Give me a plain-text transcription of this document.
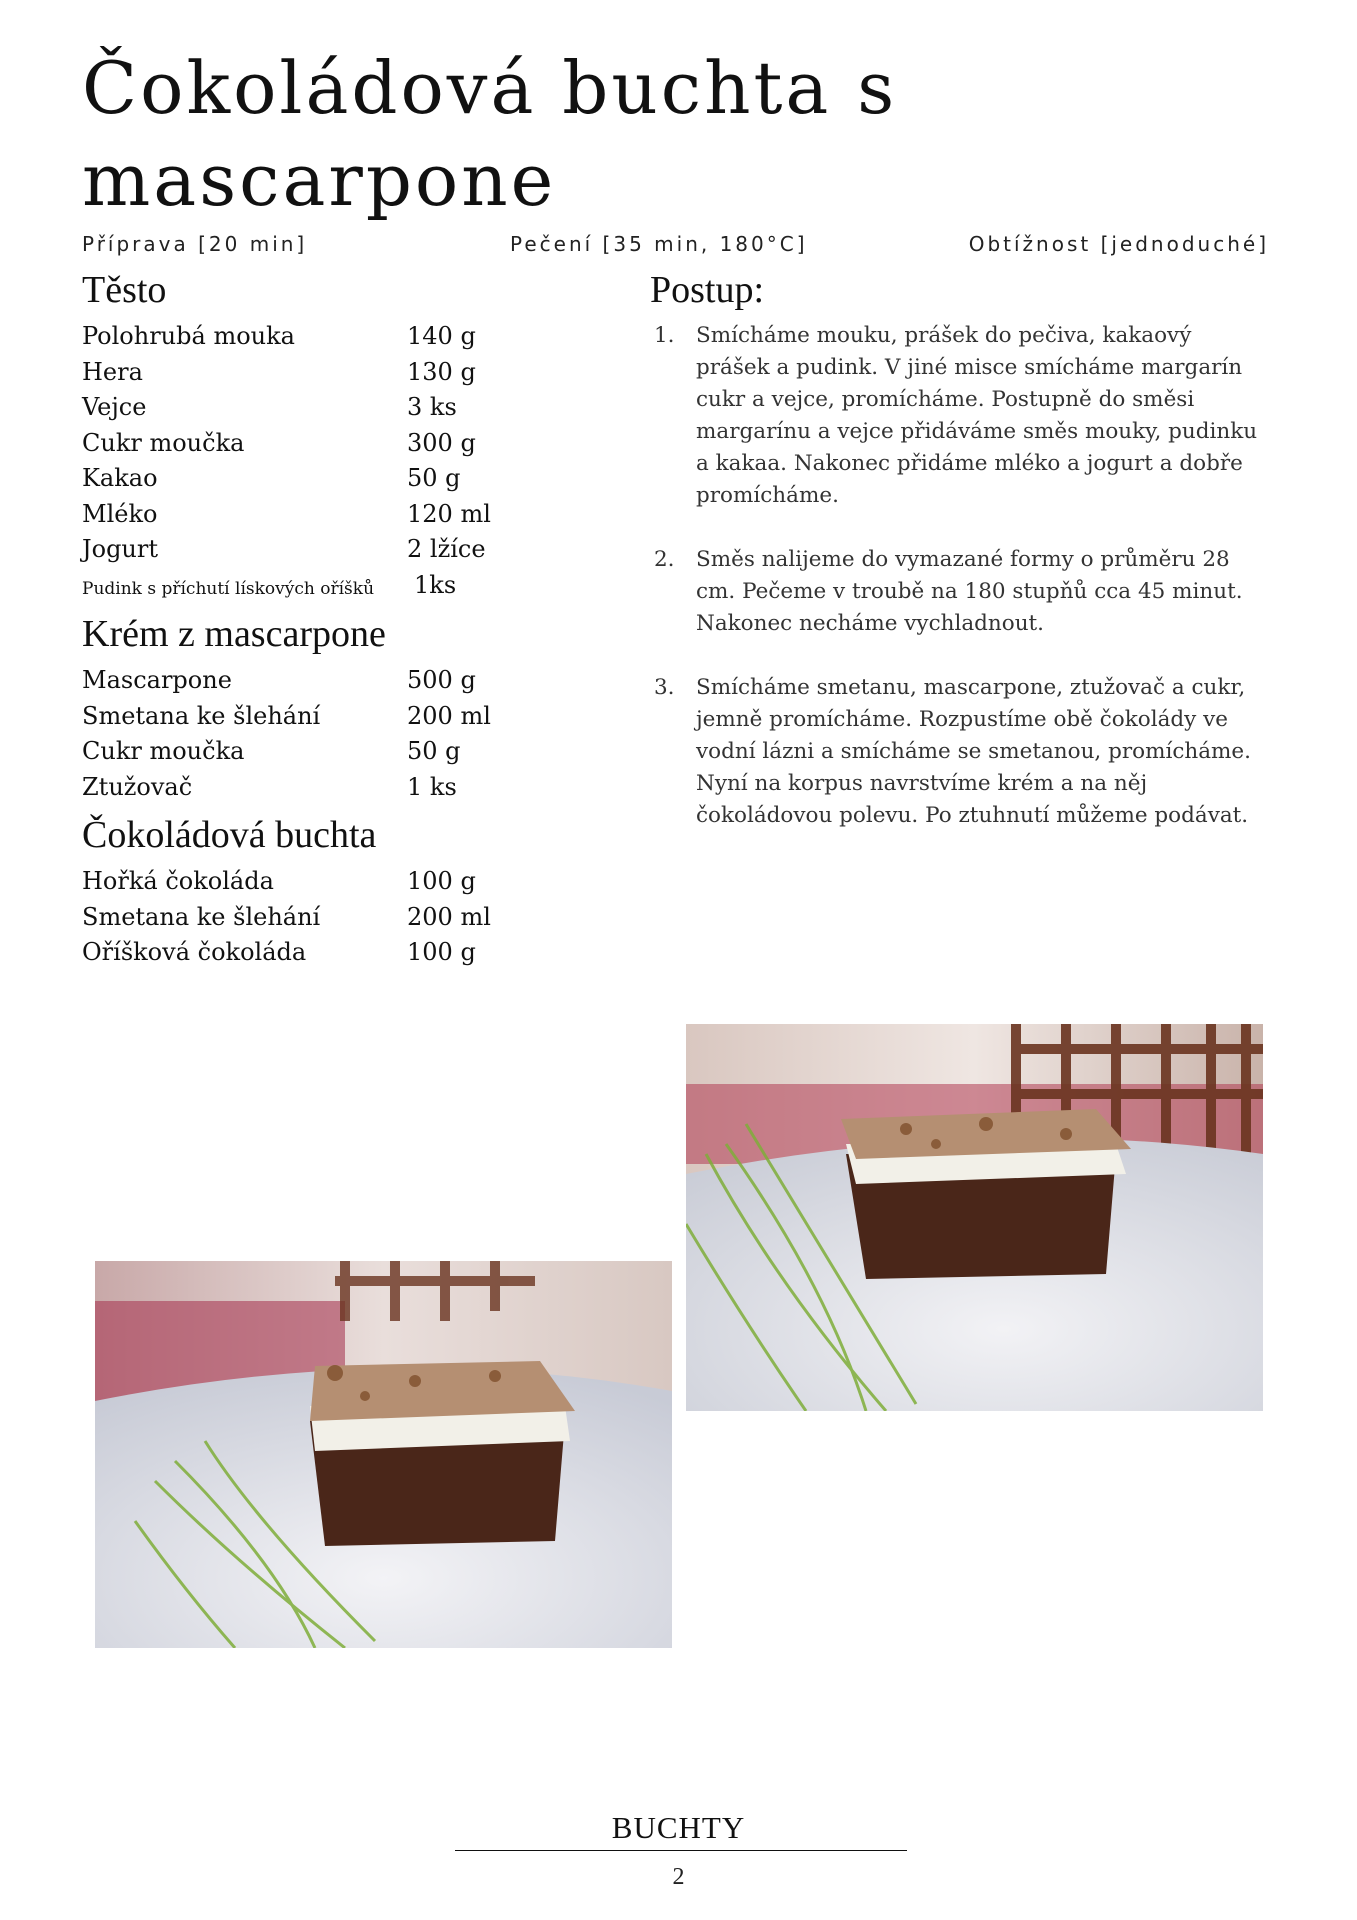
Čokoládová buchta s
mascarpone
Příprava [20 min]	Pečení [35 min, 180°C]	Obtížnost [jednoduché]
Těsto
Polohrubá mouka	140 g
Hera	130 g
Vejce	3 ks
Cukr moučka	300 g
Kakao	50 g
Mléko	120 ml
Jogurt	2 lžíce
Pudink s příchutí lískových oříšků 1ks
Krém z mascarpone
Mascarpone	500 g
Smetana ke šlehání	200 ml
Cukr moučka	50 g
Ztužovač	1 ks
Čokoládová buchta
Hořká čokoláda	100 g
Smetana ke šlehání	200 ml
Oříšková čokoláda	100 g
Postup:
1. Smícháme mouku, prášek do pečiva, kakaový prášek a pudink. V jiné misce smícháme margarín cukr a vejce, promícháme. Postupně do směsi margarínu a vejce přidáváme směs mouky, pudinku a kakaa. Nakonec přidáme mléko a jogurt a dobře promícháme.
2. Směs nalijeme do vymazané formy o průměru 28 cm. Pečeme v troubě na 180 stupňů cca 45 minut. Nakonec necháme vychladnout.
3. Smícháme smetanu, mascarpone, ztužovač a cukr, jemně promícháme. Rozpustíme obě čokolády ve vodní lázni a smícháme se smetanou, promícháme. Nyní na korpus navrstvíme krém a na něj čokoládovou polevu. Po ztuhnutí můžeme podávat.
BUCHTY
2
